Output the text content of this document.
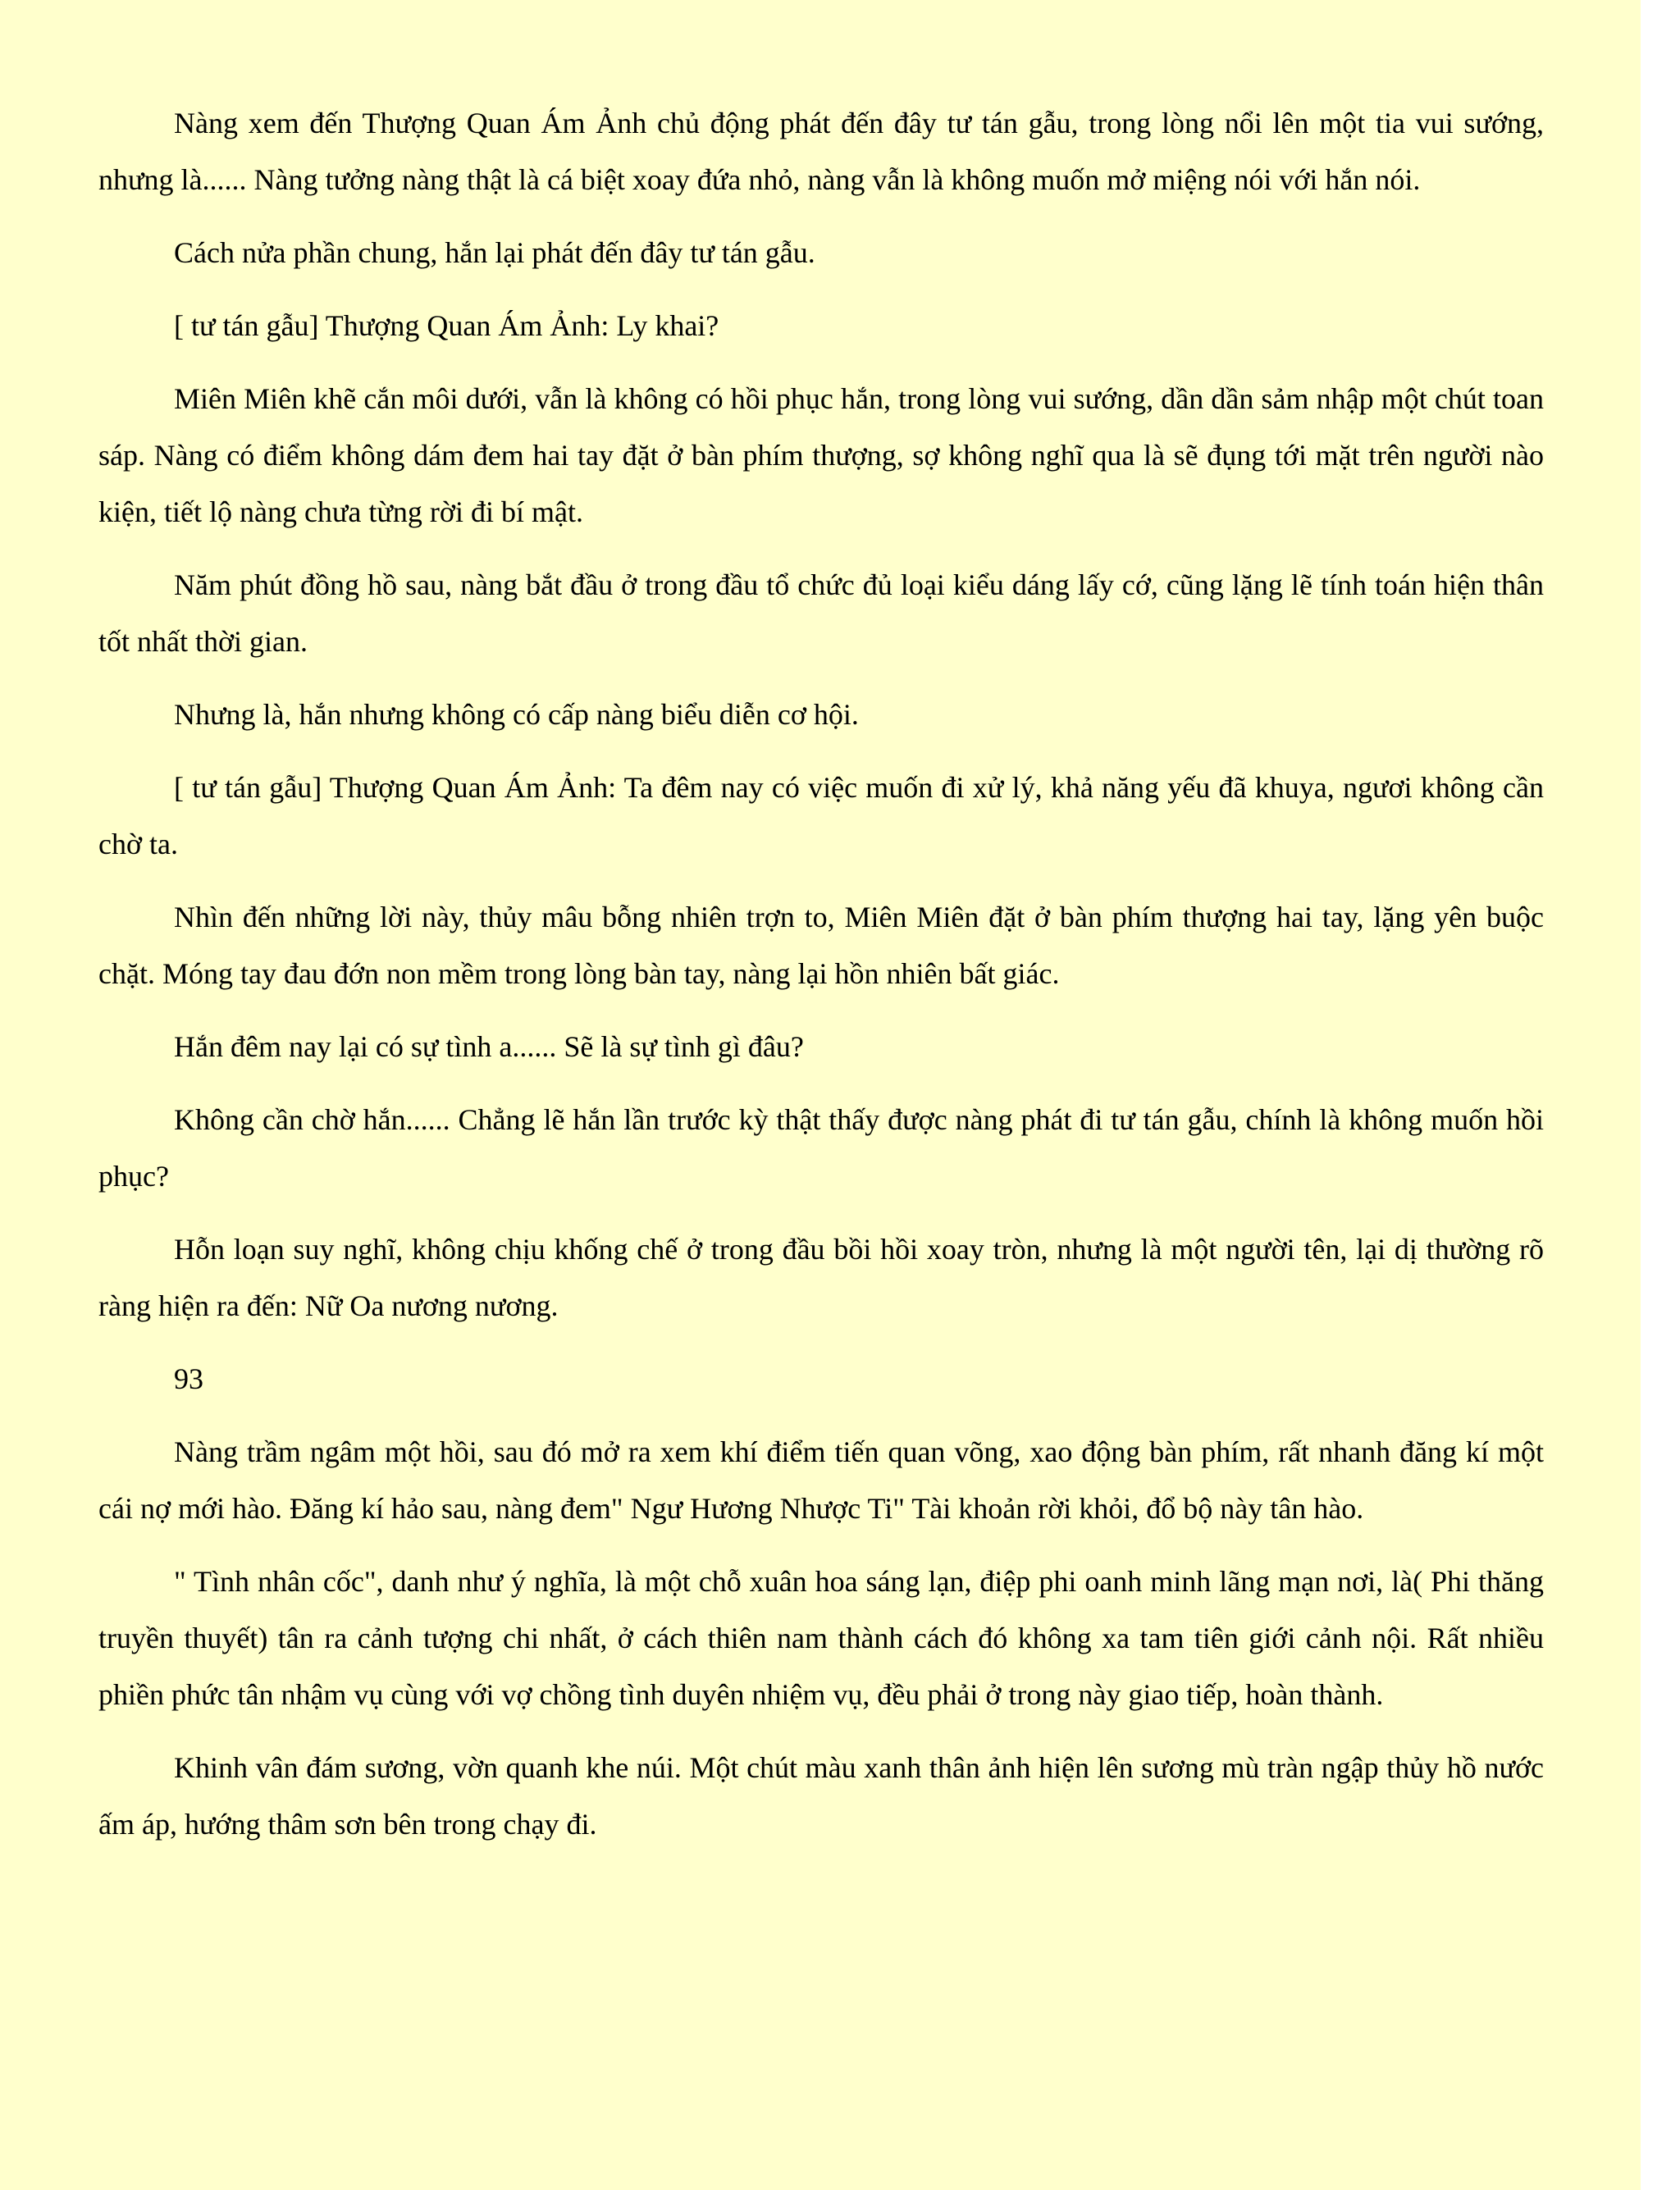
Nàng xem đến Thượng Quan Ám Ảnh chủ động phát đến đây tư tán gẫu, trong lòng nổi lên một tia vui sướng, nhưng là...... Nàng tưởng nàng thật là cá biệt xoay đứa nhỏ, nàng vẫn là không muốn mở miệng nói với hắn nói.

Cách nửa phần chung, hắn lại phát đến đây tư tán gẫu.

[ tư tán gẫu] Thượng Quan Ám Ảnh: Ly khai?

Miên Miên khẽ cắn môi dưới, vẫn là không có hồi phục hắn, trong lòng vui sướng, dần dần sảm nhập một chút toan sáp. Nàng có điểm không dám đem hai tay đặt ở bàn phím thượng, sợ không nghĩ qua là sẽ đụng tới mặt trên người nào kiện, tiết lộ nàng chưa từng rời đi bí mật.

Năm phút đồng hồ sau, nàng bắt đầu ở trong đầu tổ chức đủ loại kiểu dáng lấy cớ, cũng lặng lẽ tính toán hiện thân tốt nhất thời gian.

Nhưng là, hắn nhưng không có cấp nàng biểu diễn cơ hội.

[ tư tán gẫu] Thượng Quan Ám Ảnh: Ta đêm nay có việc muốn đi xử lý, khả năng yếu đã khuya, ngươi không cần chờ ta.

Nhìn đến những lời này, thủy mâu bỗng nhiên trợn to, Miên Miên đặt ở bàn phím thượng hai tay, lặng yên buộc chặt. Móng tay đau đớn non mềm trong lòng bàn tay, nàng lại hồn nhiên bất giác.

Hắn đêm nay lại có sự tình a...... Sẽ là sự tình gì đâu?

Không cần chờ hắn...... Chẳng lẽ hắn lần trước kỳ thật thấy được nàng phát đi tư tán gẫu, chính là không muốn hồi phục?

Hỗn loạn suy nghĩ, không chịu khống chế ở trong đầu bồi hồi xoay tròn, nhưng là một người tên, lại dị thường rõ ràng hiện ra đến: Nữ Oa nương nương.

93

Nàng trầm ngâm một hồi, sau đó mở ra xem khí điểm tiến quan võng, xao động bàn phím, rất nhanh đăng kí một cái nợ mới hào. Đăng kí hảo sau, nàng đem" Ngư Hương Nhược Ti" Tài khoản rời khỏi, đổ bộ này tân hào.

" Tình nhân cốc", danh như ý nghĩa, là một chỗ xuân hoa sáng lạn, điệp phi oanh minh lãng mạn nơi, là( Phi thăng truyền thuyết) tân ra cảnh tượng chi nhất, ở cách thiên nam thành cách đó không xa tam tiên giới cảnh nội. Rất nhiều phiền phức tân nhậm vụ cùng với vợ chồng tình duyên nhiệm vụ, đều phải ở trong này giao tiếp, hoàn thành.

Khinh vân đám sương, vờn quanh khe núi. Một chút màu xanh thân ảnh hiện lên sương mù tràn ngập thủy hồ nước ấm áp, hướng thâm sơn bên trong chạy đi.
